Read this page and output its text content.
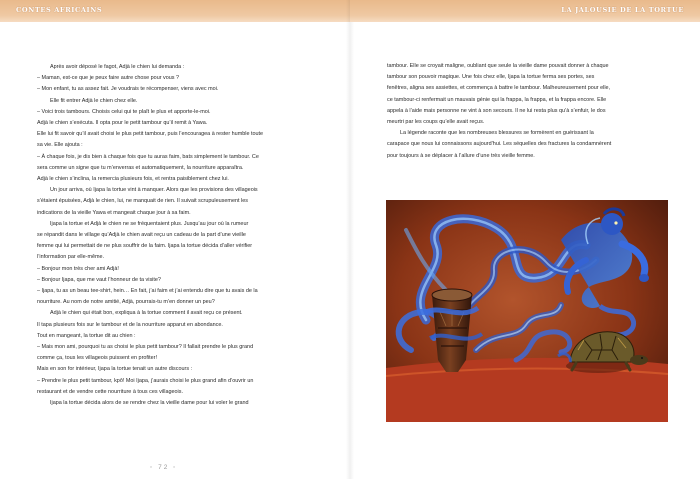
CONTES AFRICAINS
Après avoir déposé le fagot, Adjà le chien lui demanda :
– Maman, est-ce que je peux faire autre chose pour vous ?
– Mon enfant, tu as assez fait. Je voudrais te récompenser, viens avec moi.
Elle fit entrer Adjà le chien chez elle.
– Voici trois tambours. Choisis celui qui te plaît le plus et apporte-le-moi.
Adjà le chien s’exécuta. Il opta pour le petit tambour qu’il remit à Yawa.
Elle lui fit savoir qu’il avait choisi le plus petit tambour, puis l’encouragea à rester humble toute
sa vie. Elle ajouta :
– À chaque fois, je dis bien à chaque fois que tu auras faim, bats simplement le tambour. Ce
sera comme un signe que tu m’enverras et automatiquement, la nourriture apparaîtra.
Adjà le chien s’inclina, la remercia plusieurs fois, et rentra paisiblement chez lui.
Un jour arriva, où Ijapa la tortue vint à manquer. Alors que les provisions des villageois
s’étaient épuisées, Adjà le chien, lui, ne manquait de rien. Il suivait scrupuleusement les
indications de la vieille Yawa et mangeait chaque jour à sa faim.
Ijapa la tortue et Adjà le chien ne se fréquentaient plus. Jusqu’au jour où la rumeur
se répandit dans le village qu’Adjà le chien avait reçu un cadeau de la part d’une vieille
femme qui lui permettait de ne plus souffrir de la faim. Ijapa la tortue décida d’aller vérifier
l’information par elle-même.
– Bonjour mon très cher ami Adjà!
– Bonjour Ijapa, que me vaut l’honneur de ta visite?
– Ijapa, tu as un beau tee-shirt, hein… En fait, j’ai faim et j’ai entendu dire que tu avais de la
nourriture. Au nom de notre amitié, Adjà, pourrais-tu m’en donner un peu?
Adjà le chien qui était bon, expliqua à la tortue comment il avait reçu ce présent.
Il tapa plusieurs fois sur le tambour et de la nourriture apparut en abondance.
Tout en mangeant, la tortue dit au chien :
– Mais mon ami, pourquoi tu as choisi le plus petit tambour? Il fallait prendre le plus grand
comme ça, tous les villageois puissent en profiter!
Mais en son for intérieur, Ijapa la tortue tenait un autre discours :
– Prendre le plus petit tambour, kpô! Moi Ijapa, j’aurais choisi le plus grand afin d’ouvrir un
restaurant et de vendre cette nourriture à tous ces villageois.
Ijapa la tortue décida alors de se rendre chez la vieille dame pour lui voler le grand
◦ 72 ◦
LA JALOUSIE DE LA TORTUE
tambour. Elle se croyait maligne, oubliant que seule la vieille dame pouvait donner à chaque
tambour son pouvoir magique. Une fois chez elle, Ijapa la tortue ferma ses portes, ses
fenêtres, aligna ses assiettes, et commença à battre le tambour. Malheureusement pour elle,
ce tambour-ci renfermait un mauvais génie qui la frappa, la frappa, et la frappa encore. Elle
appela à l’aide mais personne ne vint à son secours. Il ne lui resta plus qu’à s’enfuir, le dos
meurtri par les coups qu’elle avait reçus.
La légende raconte que les nombreuses blessures se formèrent en guérissant la
carapace que nous lui connaissons aujourd’hui. Les séquelles des fractures la condamnèrent
pour toujours à se déplacer à l’allure d’une très vieille femme.
